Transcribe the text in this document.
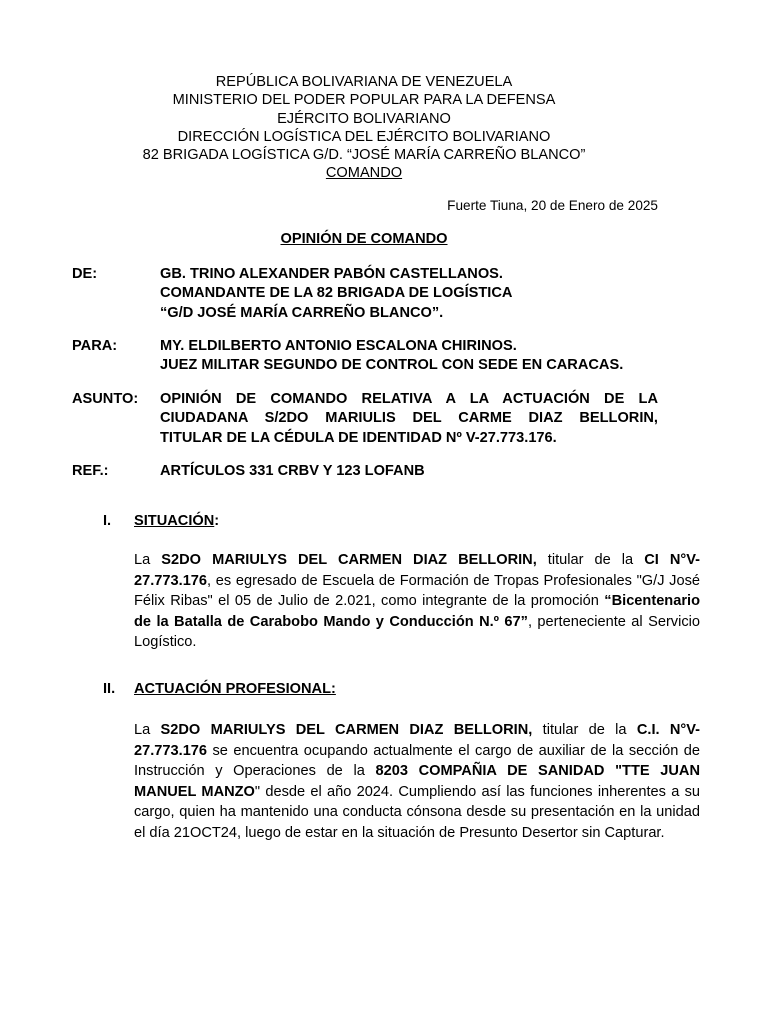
REPÚBLICA BOLIVARIANA DE VENEZUELA
MINISTERIO DEL PODER POPULAR PARA LA DEFENSA
EJÉRCITO BOLIVARIANO
DIRECCIÓN LOGÍSTICA DEL EJÉRCITO BOLIVARIANO
82 BRIGADA LOGÍSTICA G/D. “JOSÉ MARÍA CARREÑO BLANCO”
COMANDO
Fuerte Tiuna, 20 de Enero de 2025
OPINIÓN DE COMANDO
DE:	GB. TRINO ALEXANDER PABÓN CASTELLANOS.
COMANDANTE DE LA 82 BRIGADA DE LOGÍSTICA
“G/D JOSÉ MARÍA CARREÑO BLANCO”.
PARA:	MY. ELDILBERTO ANTONIO ESCALONA CHIRINOS.
JUEZ MILITAR SEGUNDO DE CONTROL CON SEDE EN CARACAS.
ASUNTO: OPINIÓN DE COMANDO RELATIVA A LA ACTUACIÓN DE LA
CIUDADANA S/2DO MARIULIS DEL CARME DIAZ BELLORIN,
TITULAR DE LA CÉDULA DE IDENTIDAD Nº V-27.773.176.
REF.:	ARTÍCULOS 331 CRBV Y 123 LOFANB
I. SITUACIÓN:
La S2DO MARIULYS DEL CARMEN DIAZ BELLORIN, titular de la CI N°V-27.773.176, es egresado de Escuela de Formación de Tropas Profesionales "G/J José Félix Ribas" el 05 de Julio de 2.021, como integrante de la promoción “Bicentenario de la Batalla de Carabobo Mando y Conducción N.º 67”, perteneciente al Servicio Logístico.
II. ACTUACIÓN PROFESIONAL:
La S2DO MARIULYS DEL CARMEN DIAZ BELLORIN, titular de la C.I. N°V-27.773.176 se encuentra ocupando actualmente el cargo de auxiliar de la sección de Instrucción y Operaciones de la 8203 COMPAÑIA DE SANIDAD "TTE JUAN MANUEL MANZO" desde el año 2024. Cumpliendo así las funciones inherentes a su cargo, quien ha mantenido una conducta cónsona desde su presentación en la unidad el día 21OCT24, luego de estar en la situación de Presunto Desertor sin Capturar.
